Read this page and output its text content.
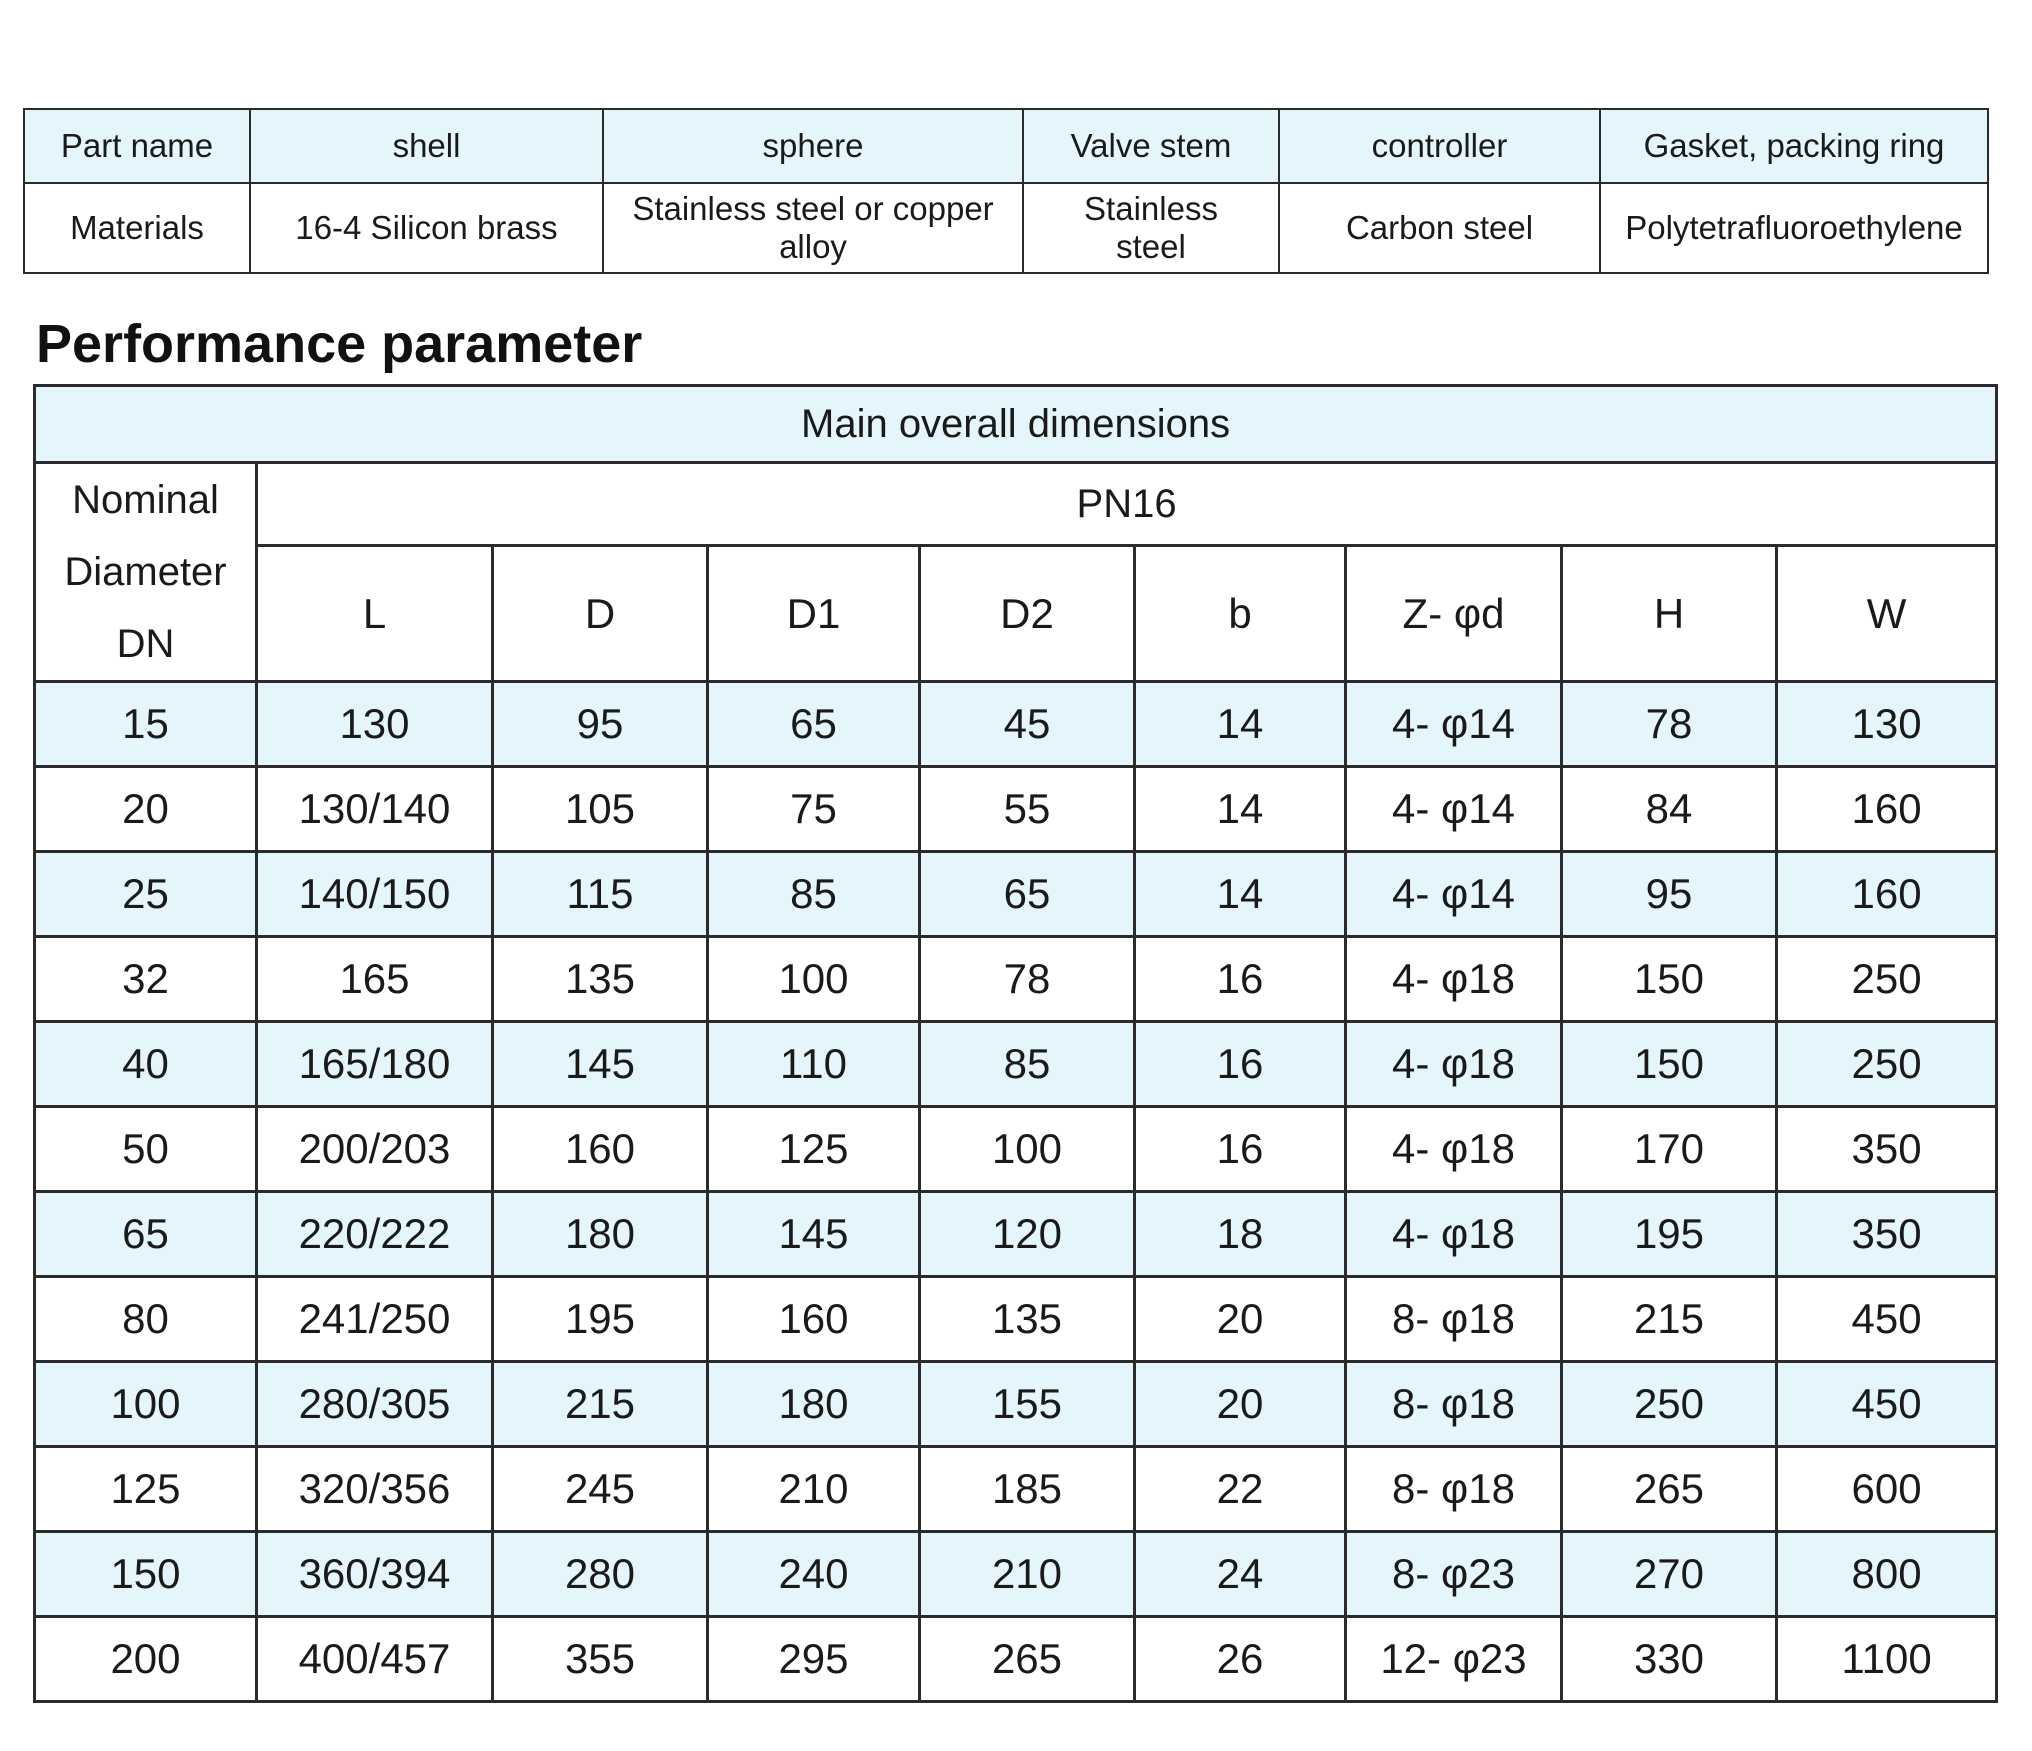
Part name	shell	sphere	Valve stem	controller	Gasket, packing ring
Materials	16-4 Silicon brass	Stainless steel or copper alloy	Stainless steel	Carbon steel	Polytetrafluoroethylene
Performance parameter
Main overall dimensions								

Nominal
Diameter
DN	PN16							
	L	D	D1	D2	b	Z- φd	H	W
15	130	95	65	45	14	4- φ14	78	130
20	130/140	105	75	55	14	4- φ14	84	160
25	140/150	115	85	65	14	4- φ14	95	160
32	165	135	100	78	16	4- φ18	150	250
40	165/180	145	110	85	16	4- φ18	150	250
50	200/203	160	125	100	16	4- φ18	170	350
65	220/222	180	145	120	18	4- φ18	195	350
80	241/250	195	160	135	20	8- φ18	215	450
100	280/305	215	180	155	20	8- φ18	250	450
125	320/356	245	210	185	22	8- φ18	265	600
150	360/394	280	240	210	24	8- φ23	270	800
200	400/457	355	295	265	26	12- φ23	330	1100
